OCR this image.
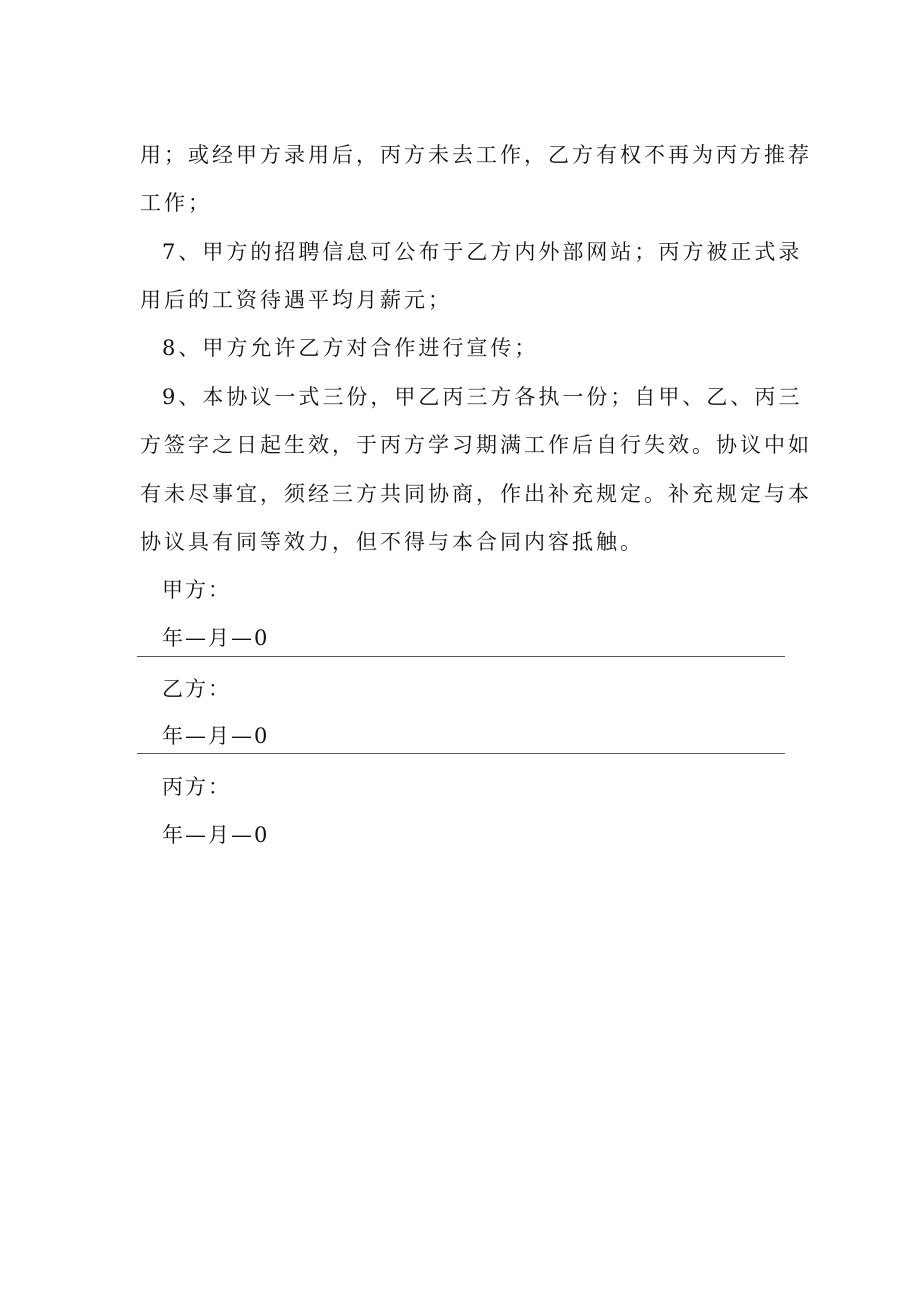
用；或经甲方录用后，丙方未去工作，乙方有权不再为丙方推荐
工作；
7、甲方的招聘信息可公布于乙方内外部网站；丙方被正式录
用后的工资待遇平均月薪元；
8、甲方允许乙方对合作进行宣传；
9、本协议一式三份，甲乙丙三方各执一份；自甲、乙、丙三
方签字之日起生效，于丙方学习期满工作后自行失效。协议中如
有未尽事宜，须经三方共同协商，作出补充规定。补充规定与本
协议具有同等效力，但不得与本合同内容抵触。
甲方：
年—月—0
乙方：
年—月—0
丙方：
年—月—0
